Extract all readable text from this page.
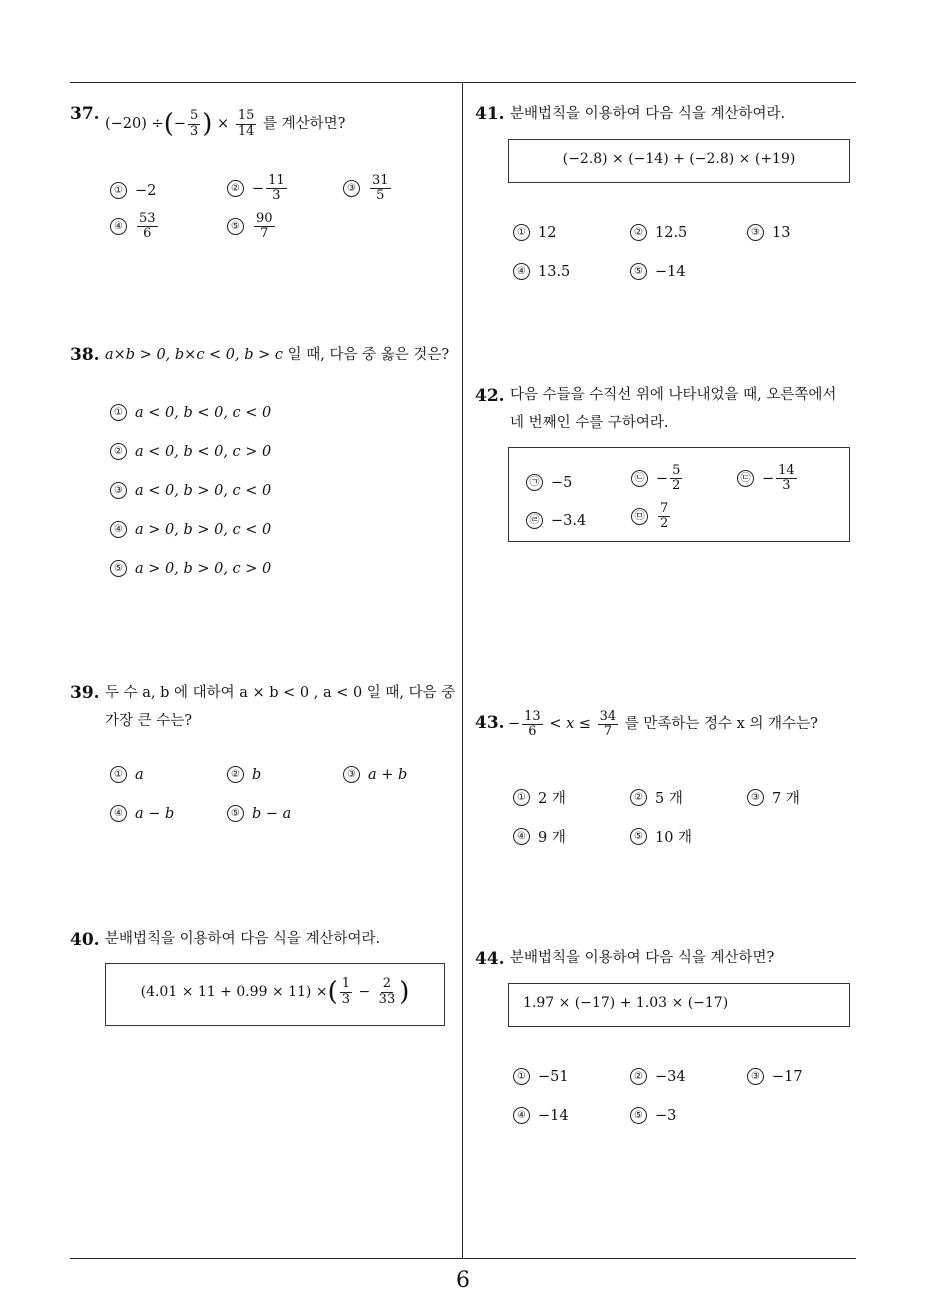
37. (−20) ÷ ( − $\frac{5}{3}$ ) × $\frac{15}{14}$
를 계산하면?
① −2	② − $\frac{11}{3}$	③	$\frac{31}{5}$
④	$\frac{53}{6}$	⑤	$\frac{90}{7}$
38. a×b > 0, b×c < 0, b > c 일 때, 다음 중 옳은 것은?
① a < 0, b < 0, c < 0
② a < 0, b < 0, c > 0
③ a < 0, b > 0, c < 0
④ a > 0, b > 0, c < 0
⑤ a > 0, b > 0, c > 0
39. 두 수 a, b 에 대하여 a × b < 0 , a < 0 일 때, 다음 중
가장 큰 수는?
① a	② b	③ a + b
④ a − b	⑤ b − a
40. 분배법칙을 이용하여 다음 식을 계산하여라.
(4.01 × 11 + 0.99 × 11) × ( $\frac{1}{3} - \frac{2}{33}$ )
41. 분배법칙을 이용하여 다음 식을 계산하여라.
(−2.8) × (−14) + (−2.8) × (+19)
① 12	② 12.5	③ 13
④ 13.5	⑤ −14
42. 다음 수들을 수직선 위에 나타내었을 때, 오른쪽에서
네 번째인 수를 구하여라.
㉠ −5	㉡ − $\frac{5}{2}$	㉢ − $\frac{14}{3}$
㉣ −3.4	㉤ $\frac{7}{2}$
43. − $\frac{13}{6}$
< x ≤
$\frac{34}{7}$
를 만족하는 정수 x 의 개수는?
① 2 개	② 5 개	③ 7 개
④ 9 개	⑤ 10 개
44. 분배법칙을 이용하여 다음 식을 계산하면?
1.97 × (−17) + 1.03 × (−17)
① −51	② −34	③ −17
④ −14	⑤ −3
6
